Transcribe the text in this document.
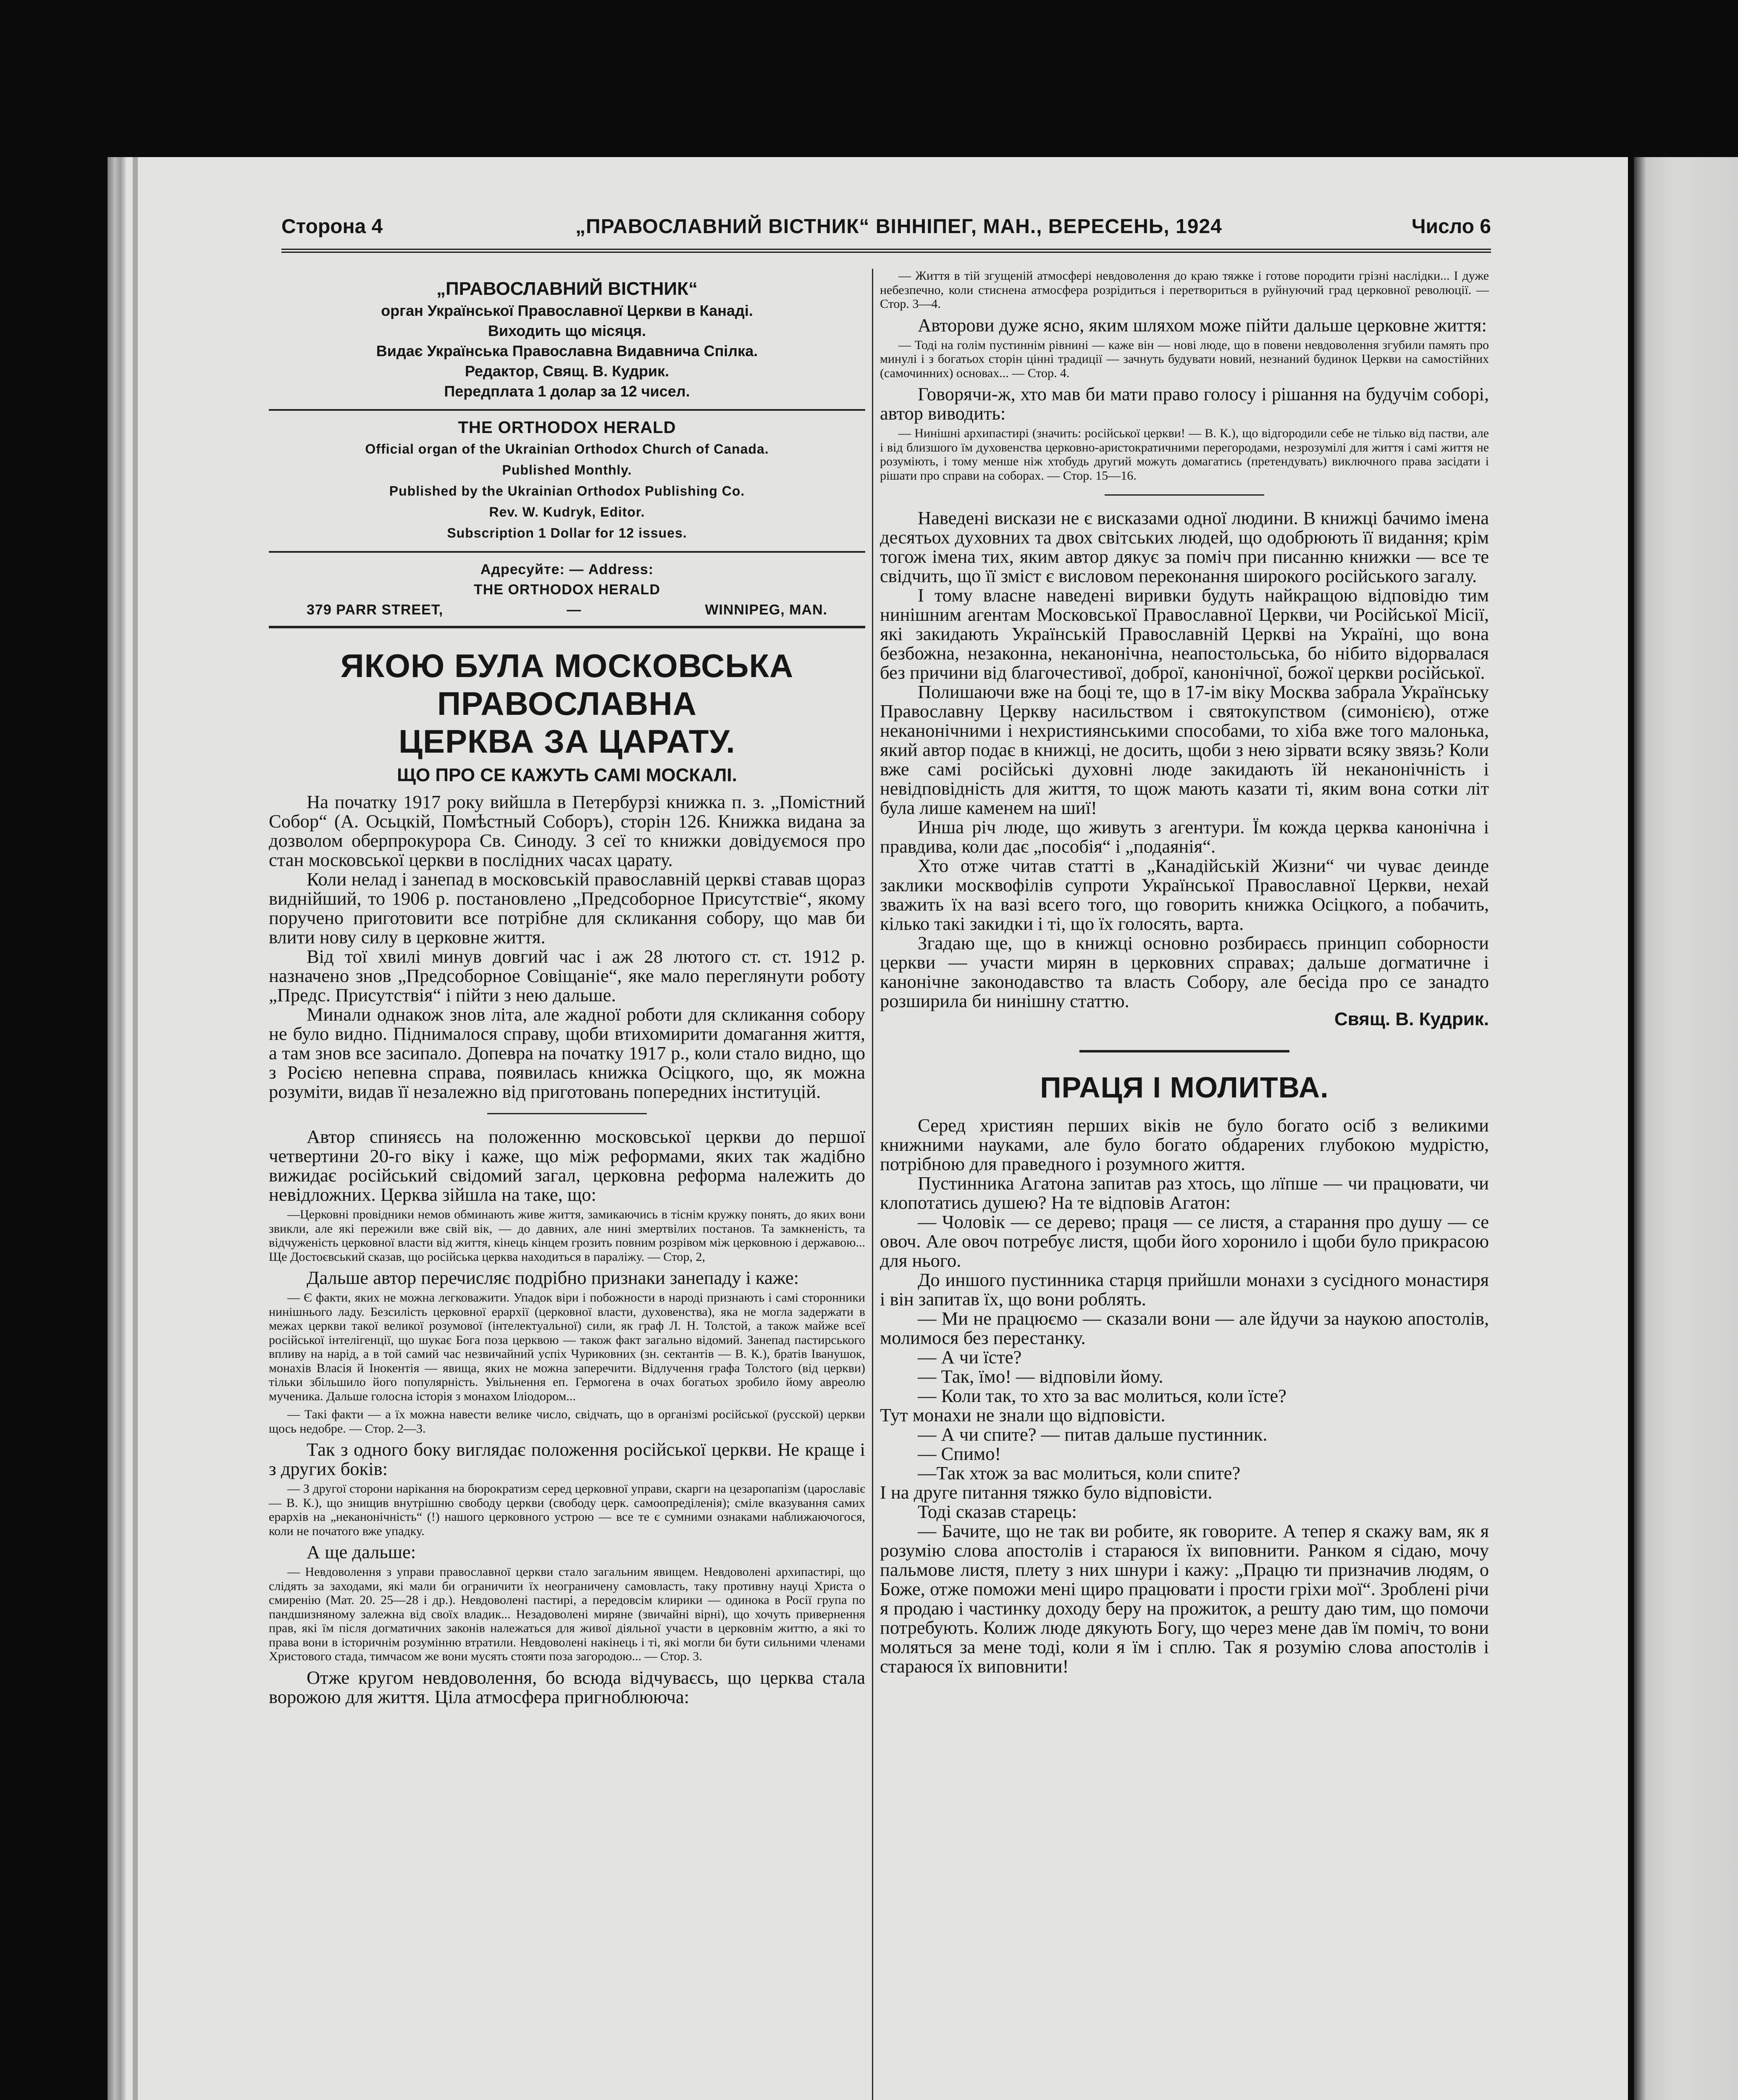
Сторона 4	„ПРАВОСЛАВНИЙ ВІСТНИК“ ВІННІПЕГ, МАН., ВЕРЕСЕНЬ, 1924	Число 6
„ПРАВОСЛАВНИЙ ВІСТНИК“
орган Української Православної Церкви в Канаді.
Виходить що місяця.
Видає Українська Православна Видавнича Спілка.
Редактор, Свящ. В. Кудрик.
Передплата 1 долар за 12 чисел.
THE ORTHODOX HERALD
Official organ of the Ukrainian Orthodox Church of Canada.
Published Monthly.
Published by the Ukrainian Orthodox Publishing Co.
Rev. W. Kudryk, Editor.
Subscription 1 Dollar for 12 issues.
Адресуйте: — Address:
THE ORTHODOX HERALD
379 PARR STREET,	—	WINNIPEG, MAN.
ЯКОЮ БУЛА МОСКОВСЬКА ПРАВОСЛАВНА
ЦЕРКВА ЗА ЦАРАТУ.
ЩО ПРО СЕ КАЖУТЬ САМІ МОСКАЛІ.

На початку 1917 року вийшла в Петербурзі книжка п. з. „Помістний Собор“ (А. Осьцкій, Помѣстный Соборъ), сторін 126. Книжка видана за дозволом оберпрокурора Св. Синоду. З сеї то книжки довідуємося про стан московської церкви в послідних часах царату.

Коли нелад і занепад в московській православній церкві ставав щораз виднійший, то 1906 р. постановлено „Предсоборное Присутствіе“, якому поручено приготовити все потрібне для скликання собору, що мав би влити нову силу в церковне життя.

Від тої хвилі минув довгий час і аж 28 лютого ст. ст. 1912 р. назначено знов „Предсоборное Совіщаніе“, яке мало переглянути роботу „Предс. Присутствія“ і пійти з нею дальше.

Минали однакож знов літа, але жадної роботи для скликання собору не було видно. Піднималося справу, щоби втихомирити домагання життя, а там знов все засипалo. Допевра на початку 1917 р., коли стало видно, що з Росією непевна справа, появилась книжка Осіцкого, що, як можна розуміти, видав її незалежно від приготовань попередних інституцій.

Автор спиняєсь на положенню московської церкви до першої четвертини 20-го віку і каже, що між реформами, яких так жадібно вижидає російський свідомий загал, церковна реформа належить до невідложних. Церква зійшла на таке, що:

—Церковні провідники немов обминають живе життя, замикаючись в тіснім кружку понять, до яких вони звикли, але які пережили вже свій вік, — до давних, але нині змертвілих постанов. Та замкненість, та відчуженість церковної власти від життя, кінець кінцем грозить повним розрівом між церковною і державою... Ще Достоєвський сказав, що російська церква находиться в параліжу. — Стор, 2,

Дальше автор перечисляє подрібно признаки занепаду і каже:

— Є факти, яких не можна легковажити. Упадок віри і побожности в народі признають і самі сторонники нинішнього ладу. Безсилість церковної ерархії (церковної власти, духовенства), яка не могла задержати в межах церкви такої великої розумової (інтелектуальної) сили, як граф Л. Н. Толстой, а також майже всеї російської інтелігенції, що шукає Бога поза церквою — також факт загально відомий. Занепад пастирського впливу на нарід, а в той самий час незвичайний успіх Чуриковних (зн. сектантів — В. К.), братів Іванушок, монахів Власія й Інокентія — явища, яких не можна заперечити. Відлучення графа Толстого (від церкви) тільки збільшило його популярність. Увільнення еп. Гермогена в очах богатьох зробило йому авреолю мученика. Дальше голосна історія з монахом Іліодором...

— Такі факти — а їх можна навести велике число, свідчать, що в організмі російської (русской) церкви щось недобре. — Стор. 2—3.

Так з одного боку виглядає положення російської церкви. Не краще і з других боків:

— З другої сторони нарікання на бюрократизм серед церковної управи, скарги на цезаропапізм (царославіє — В. К.), що знищив внутрішню свободу церкви (свободу церк. самоопреділенія); сміле вказування самих ерархів на „неканонічність“ (!) нашого церковного устрою — все те є сумними ознаками наближаючогося, коли не початого вже упадку.

А ще дальше:

— Невдоволення з управи православної церкви стало загальним явищем. Невдоволені архипастирі, що слідять за заходами, які мали би ограничити їх неограничену самовласть, таку противну науці Христа о смиренію (Мат. 20. 25—28 і др.). Невдоволені пастирі, а передовсім клирики — одинока в Росії група по пандшизняному залежна від своїх владик... Незадоволені миряне (звичайні вірні), що хочуть привернення прав, які їм після догматичних законів належаться для живої діяльної участи в церковнім життю, а які то права вони в історичнім розумінню втратили. Невдоволені накінець і ті, які могли би бути сильними членами Христового стада, тимчасом же вони мусять стояти поза загородою... — Стор. 3.

Отже кругом невдоволення, бо всюда відчуваєсь, що церква стала ворожою для життя. Ціла атмосфера пригноблююча:

— Життя в тій згущеній атмосфері невдоволення до краю тяжке і готове породити грізні наслідки... І дуже небезпечно, коли стиснена атмосфера розрідиться і перетвориться в руйнуючий град церковної революції. — Стор. 3—4.

Авторови дуже ясно, яким шляхом може пійти дальше церковне життя:

— Тоді на голім пустиннім рівнині — каже він — нові люде, що в повени невдоволення згубили память про минулі і з богатьох сторін цінні традиції — зачнуть будувати новий, незнаний будинок Церкви на самостійних (самочинних) основах... — Стор. 4.

Говорячи-ж, хто мав би мати право голосу і рішання на будучім соборі, автор виводить:

— Нинішні архипастирі (значить: російської церкви! — В. К.), що відгородили себе не тілько від пастви, але і від близшого їм духовенства церковно-аристократичними перегородами, незрозумілі для життя і самі життя не розуміють, і тому менше ніж хтобудь другий можуть домагатись (претендувать) виключного права засідати і рішати про справи на соборах. — Стор. 15—16.

Наведені вискази не є висказами одної людини. В книжці бачимо імена десятьох духовних та двох світських людей, що одобрюють її видання; крім тогож імена тих, яким автор дякує за поміч при писанню книжки — все те свідчить, що її зміст є висловом переконання широкого російського загалу.

І тому власне наведені виривки будуть найкращою відповідю тим нинішним агентам Московської Православної Церкви, чи Російської Місії, які закидають Українській Православній Церкві на Україні, що вона безбожна, незаконна, неканонічна, неапостольська, бо нібито відорвалася без причини від благочестивої, доброї, канонічної, божої церкви російської.

Полишаючи вже на боці те, що в 17-ім віку Москва забрала Українську Православну Церкву насильством і святокупством (симонією), отже неканонічними і нехристиянськими способами, то хіба вже того малонька, який автор подає в книжці, не досить, щоби з нею зірвати всяку звязь? Коли вже самі російські духовні люде закидають їй неканонічність і невідповідність для життя, то щож мають казати ті, яким вона сотки літ була лише каменем на шиї!

Инша річ люде, що живуть з агентури. Їм кожда церква канонічна і правдива, коли дає „пособія“ і „подаянія“.

Хто отже читав статті в „Канадійській Жизни“ чи чуває деинде заклики москвофілів супроти Української Православної Церкви, нехай зважить їх на вазі всего того, що говорить книжка Осіцкого, а побачить, кілько такі закидки і ті, що їх голосять, варта.

Згадаю ще, що в книжці основно розбираєсь принцип соборности церкви — участи мирян в церковних справах; дальше догматичне і канонічне законодавство та власть Собору, але бесіда про се занадто розширила би нинішну статтю.

Свящ. В. Кудрик.
ПРАЦЯ І МОЛИТВА.

Серед християн перших віків не було богато осіб з великими книжними науками, але було богато обдарених глубокою мудрістю, потрібною для праведного і розумного життя.

Пустинника Агатона запитав раз хтось, що лїпше — чи працювати, чи клопотатись душею? На те відповів Агатон:

— Чоловік — се дерево; праця — се листя, а старання про душу — се овоч. Але овоч потребує листя, щоби його хоронило і щоби було прикрасою для нього.

До иншого пустинника старця прийшли монахи з сусідного монастиря і він запитав їх, що вони роблять.

— Ми не працюємо — сказали вони — але йдучи за наукою апостолів, молимося без перестанку.

— А чи їсте?

— Так, їмо! — відповіли йому.

— Коли так, то хто за вас молиться, коли їсте?

Тут монахи не знали що відповісти.

— А чи спите? — питав дальше пустинник.

— Спимо!

—Так хтож за вас молиться, коли спите?

І на друге питання тяжко було відповісти.

Тоді сказав старець:

— Бачите, що не так ви робите, як говорите. А тепер я скажу вам, як я розумію слова апостолів і стараюся їх виповнити. Ранком я сідаю, мочу пальмове листя, плету з них шнури і кажу: „Працю ти призначив людям, о Боже, отже поможи мені щиро працювати і прости гріхи мої“. Зроблені річи я продаю і частинку доходу беру на прожиток, а решту даю тим, що помочи потребують. Колиж люде дякують Богу, що через мене дав їм поміч, то вони моляться за мене тоді, коли я їм і сплю. Так я розумію слова апостолів і стараюся їх виповнити!
